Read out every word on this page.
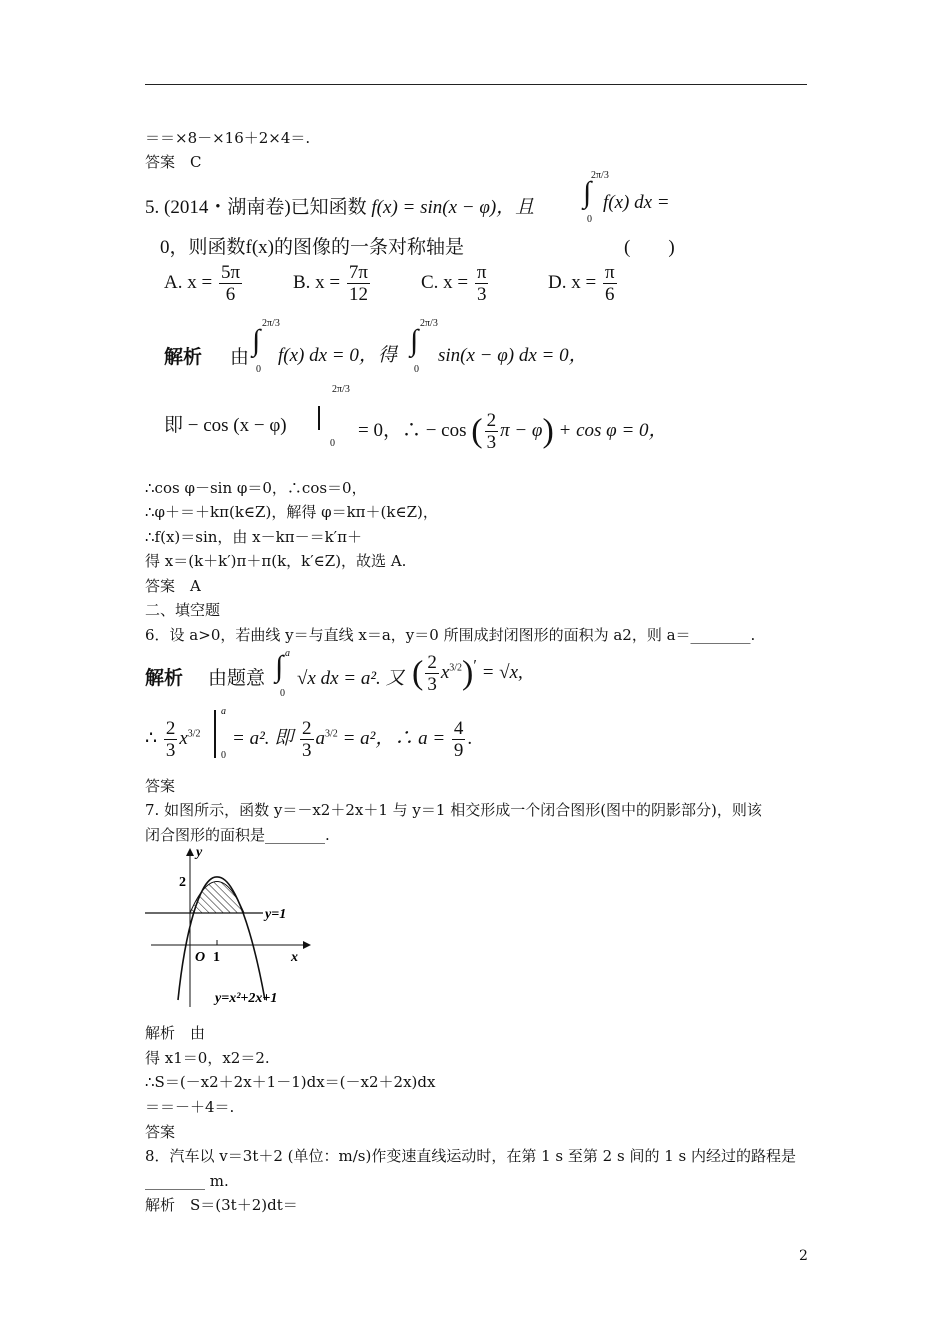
＝＝×8－×16＋2×4＝.
答案　C
5. (2014・湖南卷)已知函数 f(x) = sin(x − φ)，且 ∫
2π/3
0
f(x) dx =
0，则函数f(x)的图像的一条对称轴是	(　　)
A. $x = \frac{5\pi}{6}$	B. $x = \frac{7\pi}{12}$	C. $x = \frac{\pi}{3}$	D. $x = \frac{\pi}{6}$
解析 由
∫
2π/3
0
f(x) dx = 0，得 ∫
2π/3
0
sin(x − φ) dx = 0，
即 − cos (x − φ)
2π/3
0
= 0，∴ − cos ( $\frac{2}{3}$ π − φ) + cos φ = 0，
∴cos φ－sin φ＝0，∴cos＝0，
∴φ＋＝＋kπ(k∈Z)，解得 φ＝kπ＋(k∈Z)，
∴f(x)＝sin，由 x－kπ－＝k′π＋
得 x＝(k＋k′)π＋π(k，k′∈Z)，故选 A.
答案　A
二、填空题
6．设 a>0，若曲线 y＝与直线 x＝a，y＝0 所围成封闭图形的面积为 a2，则 a＝________.
解析 由题意 ∫ a
0
√x dx = a². 又 ( $\frac{2}{3} x^{3/2})' = √x$,
∴ $\frac{2}{3} x^{3/2}$
a
0
= a². 即 $\frac{2}{3} a^{3/2} = a^2$，∴ $a = \frac{4}{9}$ .
答案
7. 如图所示，函数 y＝－x2＋2x＋1 与 y＝1 相交形成一个闭合图形(图中的阴影部分)，则该
闭合图形的面积是________.
y
2
O 1	x
y=1
y=x²+2x+1
解析　由
得 x1＝0，x2＝2.
∴S＝(－x2＋2x＋1－1)dx＝(－x2＋2x)dx
＝＝－＋4＝.
答案
8．汽车以 v＝3t＋2 (单位：m/s)作变速直线运动时，在第 1 s 至第 2 s 间的 1 s 内经过的路程是
________ m.
解析　S＝(3t＋2)dt＝
2
